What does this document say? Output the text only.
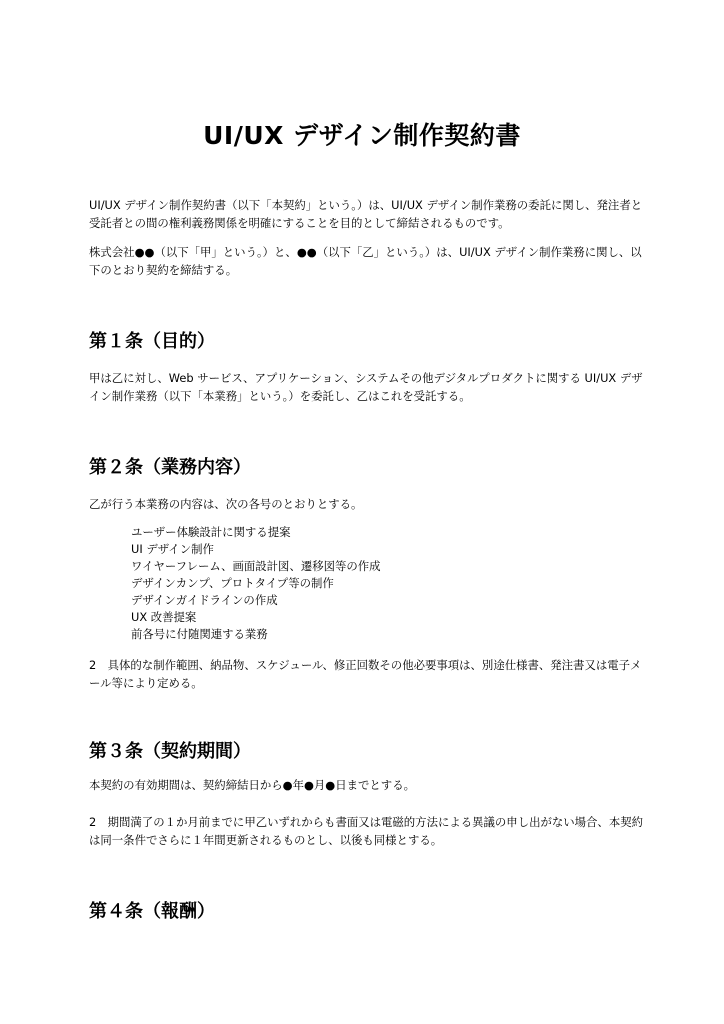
UI/UX デザイン制作契約書

UI/UX デザイン制作契約書（以下「本契約」という。）は、UI/UX デザイン制作業務の委託に関し、発注者と受託者との間の権利義務関係を明確にすることを目的として締結されるものです。

株式会社●●（以下「甲」という。）と、●●（以下「乙」という。）は、UI/UX デザイン制作業務に関し、以下のとおり契約を締結する。

第１条（目的）

甲は乙に対し、Web サービス、アプリケーション、システムその他デジタルプロダクトに関する UI/UX デザイン制作業務（以下「本業務」という。）を委託し、乙はこれを受託する。

第２条（業務内容）

乙が行う本業務の内容は、次の各号のとおりとする。

ユーザー体験設計に関する提案
UI デザイン制作
ワイヤーフレーム、画面設計図、遷移図等の作成
デザインカンプ、プロトタイプ等の制作
デザインガイドラインの作成
UX 改善提案
前各号に付随関連する業務

2　具体的な制作範囲、納品物、スケジュール、修正回数その他必要事項は、別途仕様書、発注書又は電子メール等により定める。

第３条（契約期間）

本契約の有効期間は、契約締結日から●年●月●日までとする。

2　期間満了の１か月前までに甲乙いずれからも書面又は電磁的方法による異議の申し出がない場合、本契約は同一条件でさらに１年間更新されるものとし、以後も同様とする。

第４条（報酬）
